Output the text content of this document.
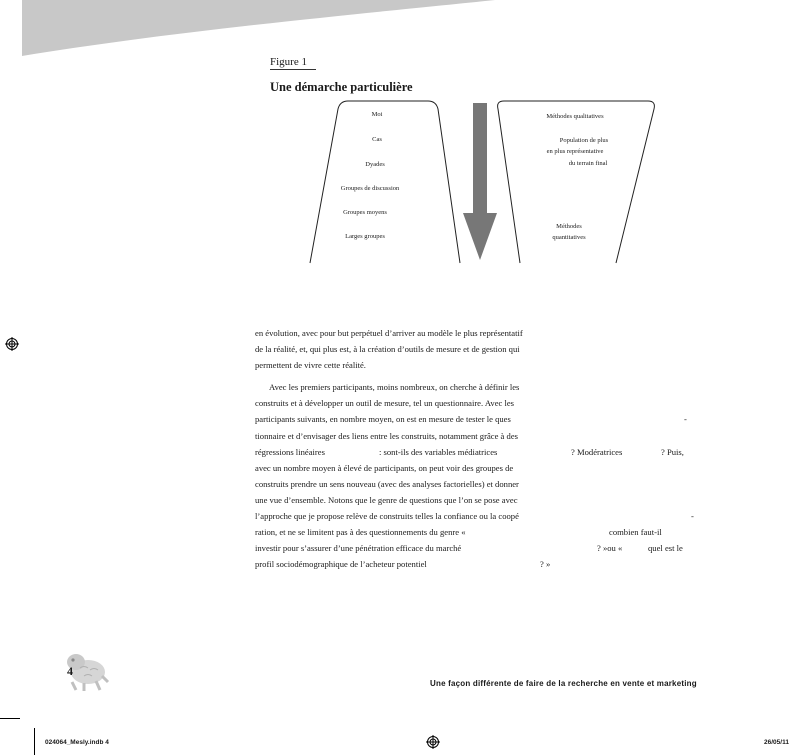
Figure 1
Une démarche particulière
Moi
Cas
Dyades
Groupes de discussion
Groupes moyens
Larges groupes
Méthodes qualitatives
Population de plus
en plus représentative
du terrain final
Méthodes
quantitatives
en évolution, avec pour but perpétuel d’arriver au modèle le plus représentatif
de la réalité, et, qui plus est, à la création d’outils de mesure et de gestion qui
permettent de vivre cette réalité.
Avec les premiers participants, moins nombreux, on cherche à définir les
construits et à développer un outil de mesure, tel un questionnaire. Avec les
participants suivants, en nombre moyen, on est en mesure de tester le ques	-
tionnaire et d’envisager des liens entre les construits, notamment grâce à des
régressions linéaires	: sont-ils des variables médiatrices	? Modératrices	? Puis,
avec un nombre moyen à élevé de participants, on peut voir des groupes de
construits prendre un sens nouveau (avec des analyses factorielles) et donner
une vue d’ensemble. Notons que le genre de questions que l’on se pose avec
l’approche que je propose relève de construits telles la confiance ou la coopé	-
ration, et ne se limitent pas à des questionnements du genre «	combien faut-il
investir pour s’assurer d’une pénétration efficace du marché	? »ou «	quel est le
profil sociodémographique de l’acheteur potentiel	? »
4
Une façon différente de faire de la recherche en vente et marketing
024064_Mesly.indb 4	26/05/11
